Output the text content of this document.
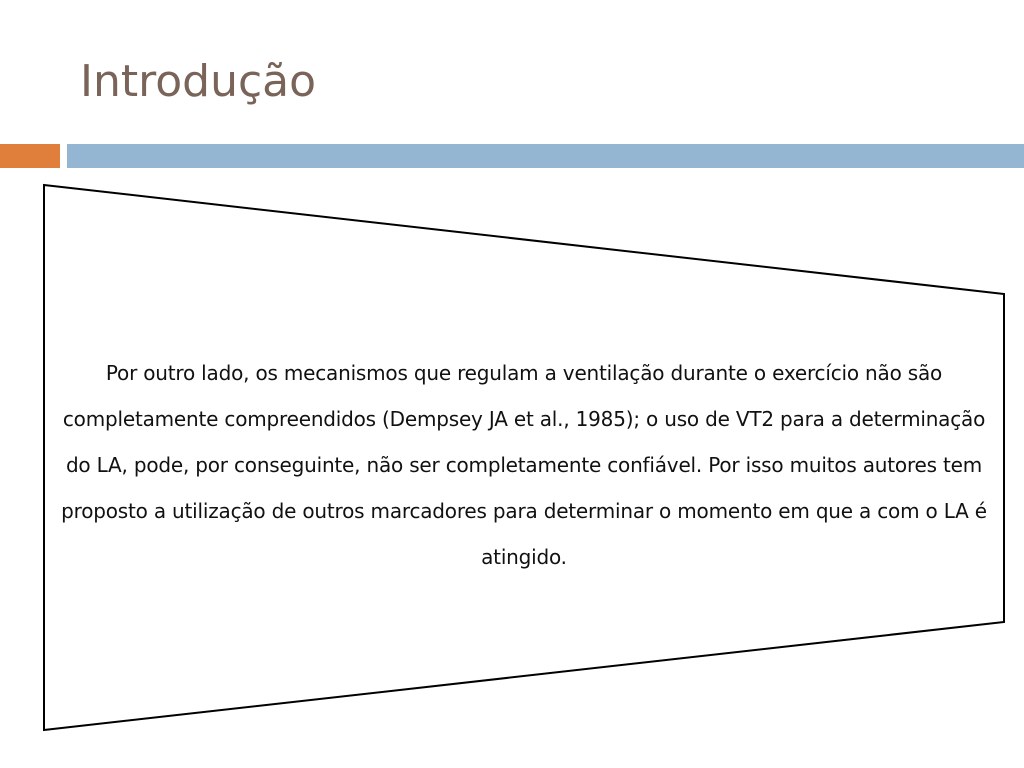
Introdução

Por outro lado, os mecanismos que regulam a ventilação durante o exercício não são completamente compreendidos (Dempsey JA et al., 1985); o uso de VT2 para a determinação do LA, pode, por conseguinte, não ser completamente confiável. Por isso muitos autores tem proposto a utilização de outros marcadores para determinar o momento em que a com o LA é atingido.
